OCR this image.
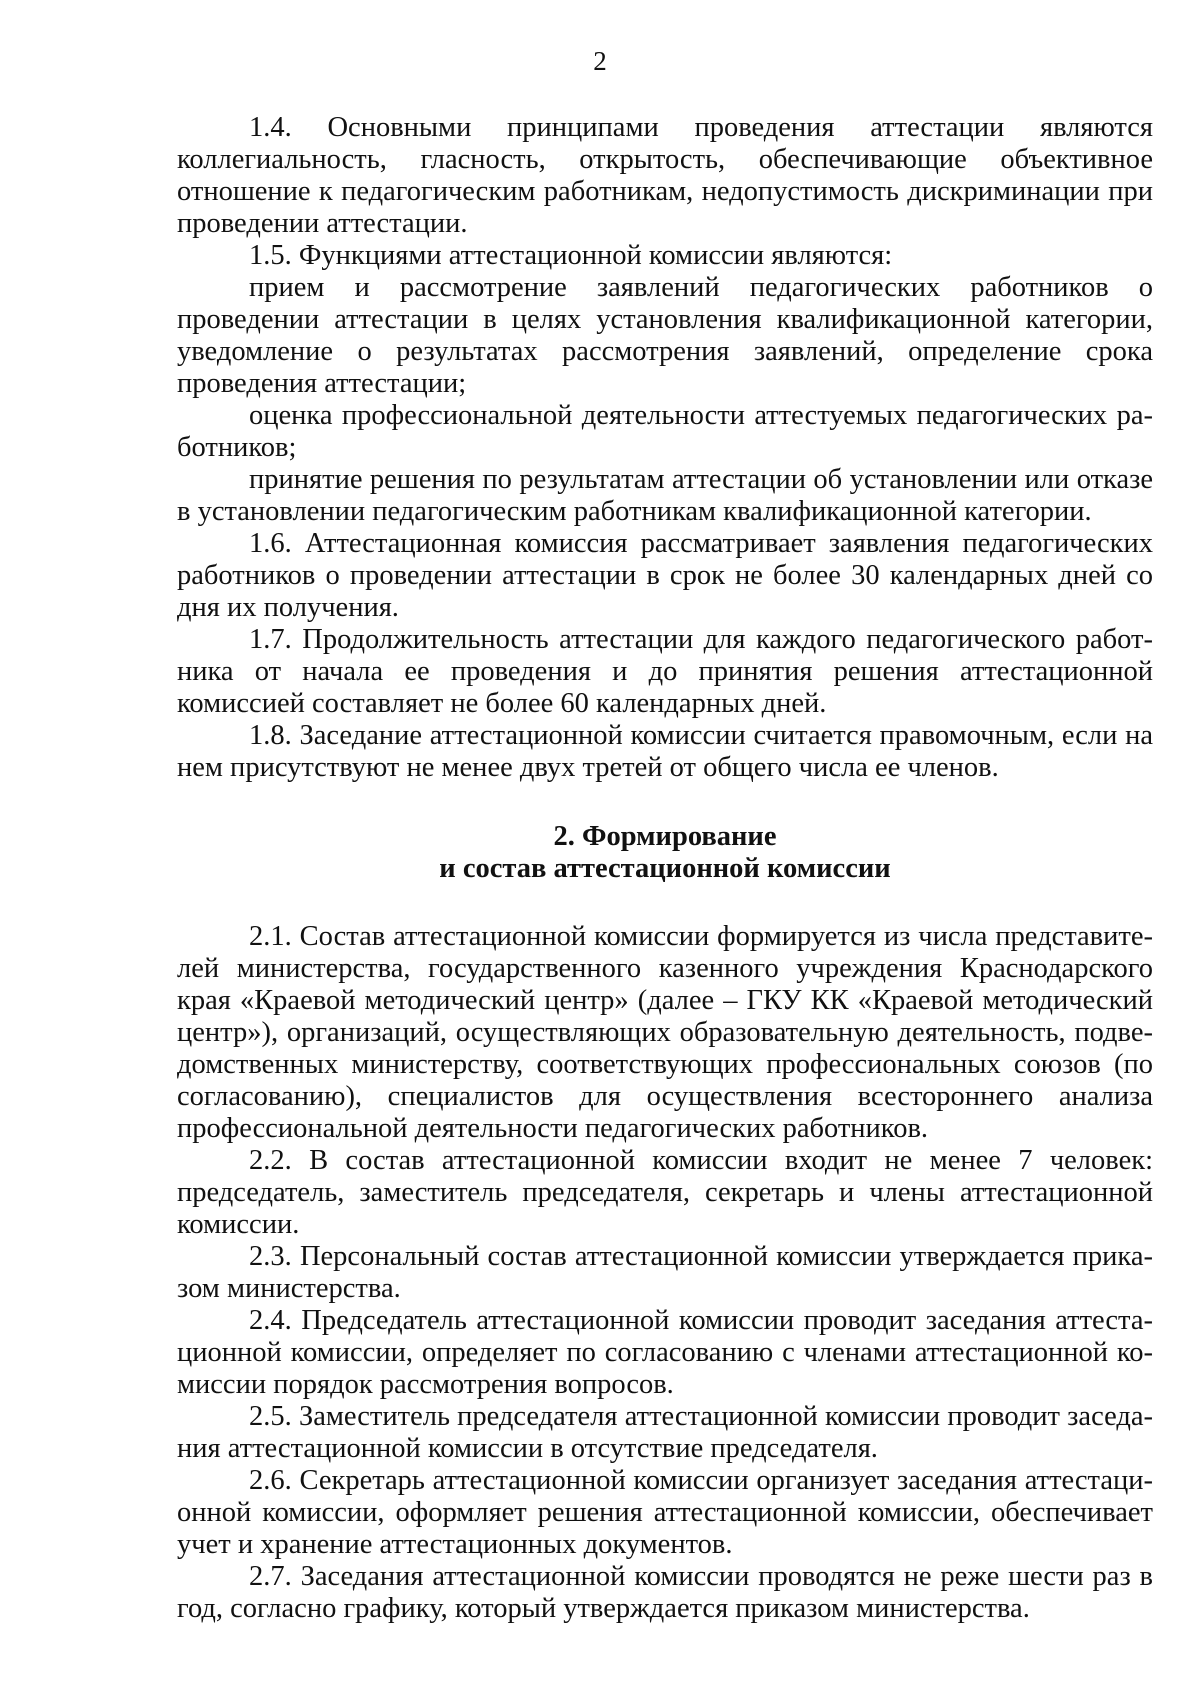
2

1.4. Основными принципами проведения аттестации являются коллегиальность, гласность, открытость, обеспечивающие объективное отношение к педагогическим работникам, недопустимость дискриминации при проведении аттестации.

1.5. Функциями аттестационной комиссии являются:

прием и рассмотрение заявлений педагогических работников о проведении аттестации в целях установления квалификационной категории, уведомление о результатах рассмотрения заявлений, определение срока проведения аттестации;

оценка профессиональной деятельности аттестуемых педагогических работников;

принятие решения по результатам аттестации об установлении или отказе в установлении педагогическим работникам квалификационной категории.

1.6. Аттестационная комиссия рассматривает заявления педагогических работников о проведении аттестации в срок не более 30 календарных дней со дня их получения.

1.7. Продолжительность аттестации для каждого педагогического работника от начала ее проведения и до принятия решения аттестационной комиссией составляет не более 60 календарных дней.

1.8. Заседание аттестационной комиссии считается правомочным, если на нем присутствуют не менее двух третей от общего числа ее членов.

2. Формирование
и состав аттестационной комиссии

2.1. Состав аттестационной комиссии формируется из числа представителей министерства, государственного казенного учреждения Краснодарского края «Краевой методический центр» (далее – ГКУ КК «Краевой методический центр»), организаций, осуществляющих образовательную деятельность, подведомственных министерству, соответствующих профессиональных союзов (по согласованию), специалистов для осуществления всестороннего анализа профессиональной деятельности педагогических работников.

2.2. В состав аттестационной комиссии входит не менее 7 человек: председатель, заместитель председателя, секретарь и члены аттестационной комиссии.

2.3. Персональный состав аттестационной комиссии утверждается приказом министерства.

2.4. Председатель аттестационной комиссии проводит заседания аттестационной комиссии, определяет по согласованию с членами аттестационной комиссии порядок рассмотрения вопросов.

2.5. Заместитель председателя аттестационной комиссии проводит заседания аттестационной комиссии в отсутствие председателя.

2.6. Секретарь аттестационной комиссии организует заседания аттестационной комиссии, оформляет решения аттестационной комиссии, обеспечивает учет и хранение аттестационных документов.

2.7. Заседания аттестационной комиссии проводятся не реже шести раз в год, согласно графику, который утверждается приказом министерства.
